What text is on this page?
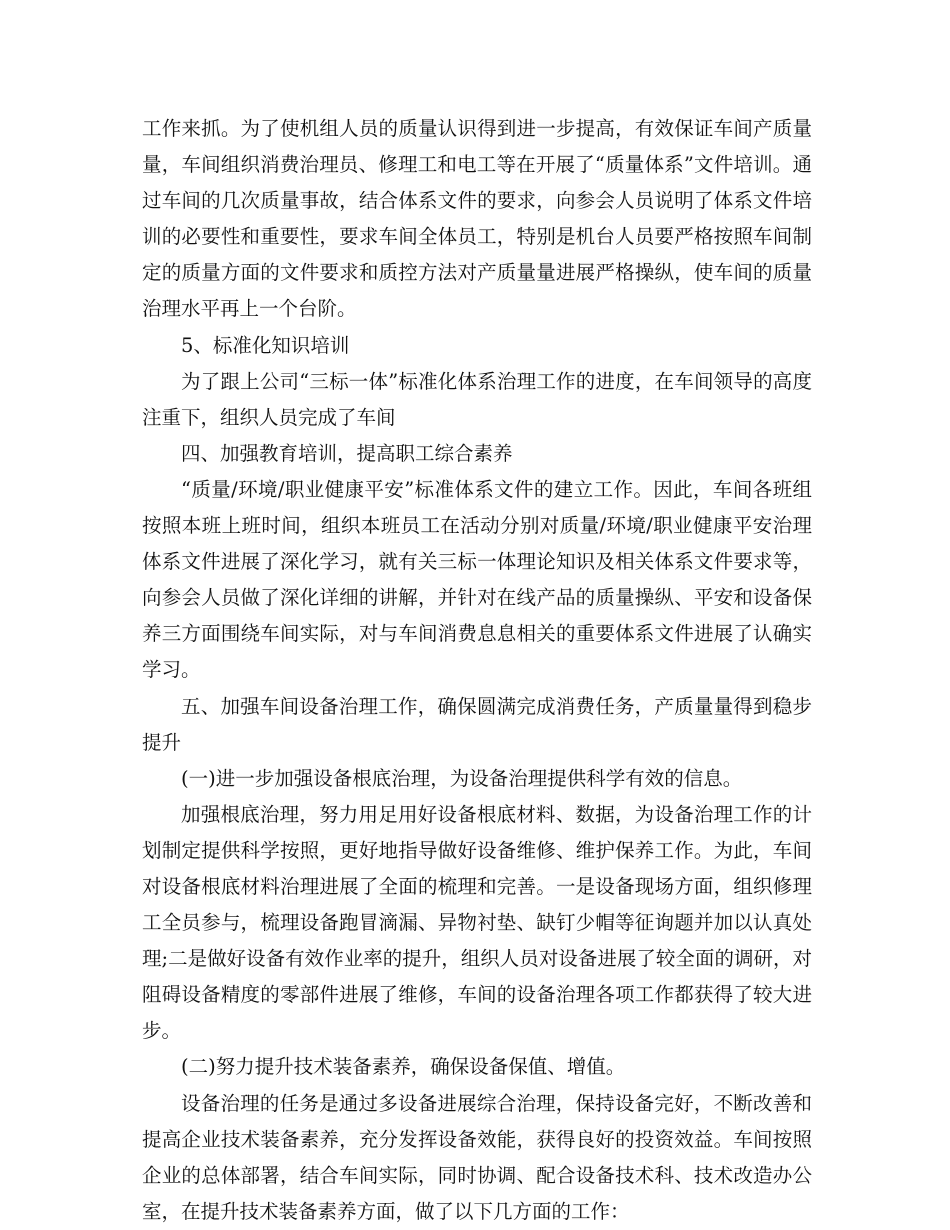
工作来抓。为了使机组人员的质量认识得到进一步提高，有效保证车间产质量量，车间组织消费治理员、修理工和电工等在开展了“质量体系”文件培训。通过车间的几次质量事故，结合体系文件的要求，向参会人员说明了体系文件培训的必要性和重要性，要求车间全体员工，特别是机台人员要严格按照车间制定的质量方面的文件要求和质控方法对产质量量进展严格操纵，使车间的质量治理水平再上一个台阶。

5、标准化知识培训

为了跟上公司“三标一体”标准化体系治理工作的进度，在车间领导的高度注重下，组织人员完成了车间

四、加强教育培训，提高职工综合素养

“质量/环境/职业健康平安”标准体系文件的建立工作。因此，车间各班组按照本班上班时间，组织本班员工在活动分别对质量/环境/职业健康平安治理体系文件进展了深化学习，就有关三标一体理论知识及相关体系文件要求等，向参会人员做了深化详细的讲解，并针对在线产品的质量操纵、平安和设备保养三方面围绕车间实际，对与车间消费息息相关的重要体系文件进展了认确实学习。

五、加强车间设备治理工作，确保圆满完成消费任务，产质量量得到稳步提升

(一)进一步加强设备根底治理，为设备治理提供科学有效的信息。

加强根底治理，努力用足用好设备根底材料、数据，为设备治理工作的计划制定提供科学按照，更好地指导做好设备维修、维护保养工作。为此，车间对设备根底材料治理进展了全面的梳理和完善。一是设备现场方面，组织修理工全员参与，梳理设备跑冒滴漏、异物衬垫、缺钉少帽等征询题并加以认真处理;二是做好设备有效作业率的提升，组织人员对设备进展了较全面的调研，对阻碍设备精度的零部件进展了维修，车间的设备治理各项工作都获得了较大进步。

(二)努力提升技术装备素养，确保设备保值、增值。

设备治理的任务是通过多设备进展综合治理，保持设备完好，不断改善和提高企业技术装备素养，充分发挥设备效能，获得良好的投资效益。车间按照企业的总体部署，结合车间实际，同时协调、配合设备技术科、技术改造办公室，在提升技术装备素养方面，做了以下几方面的工作：
